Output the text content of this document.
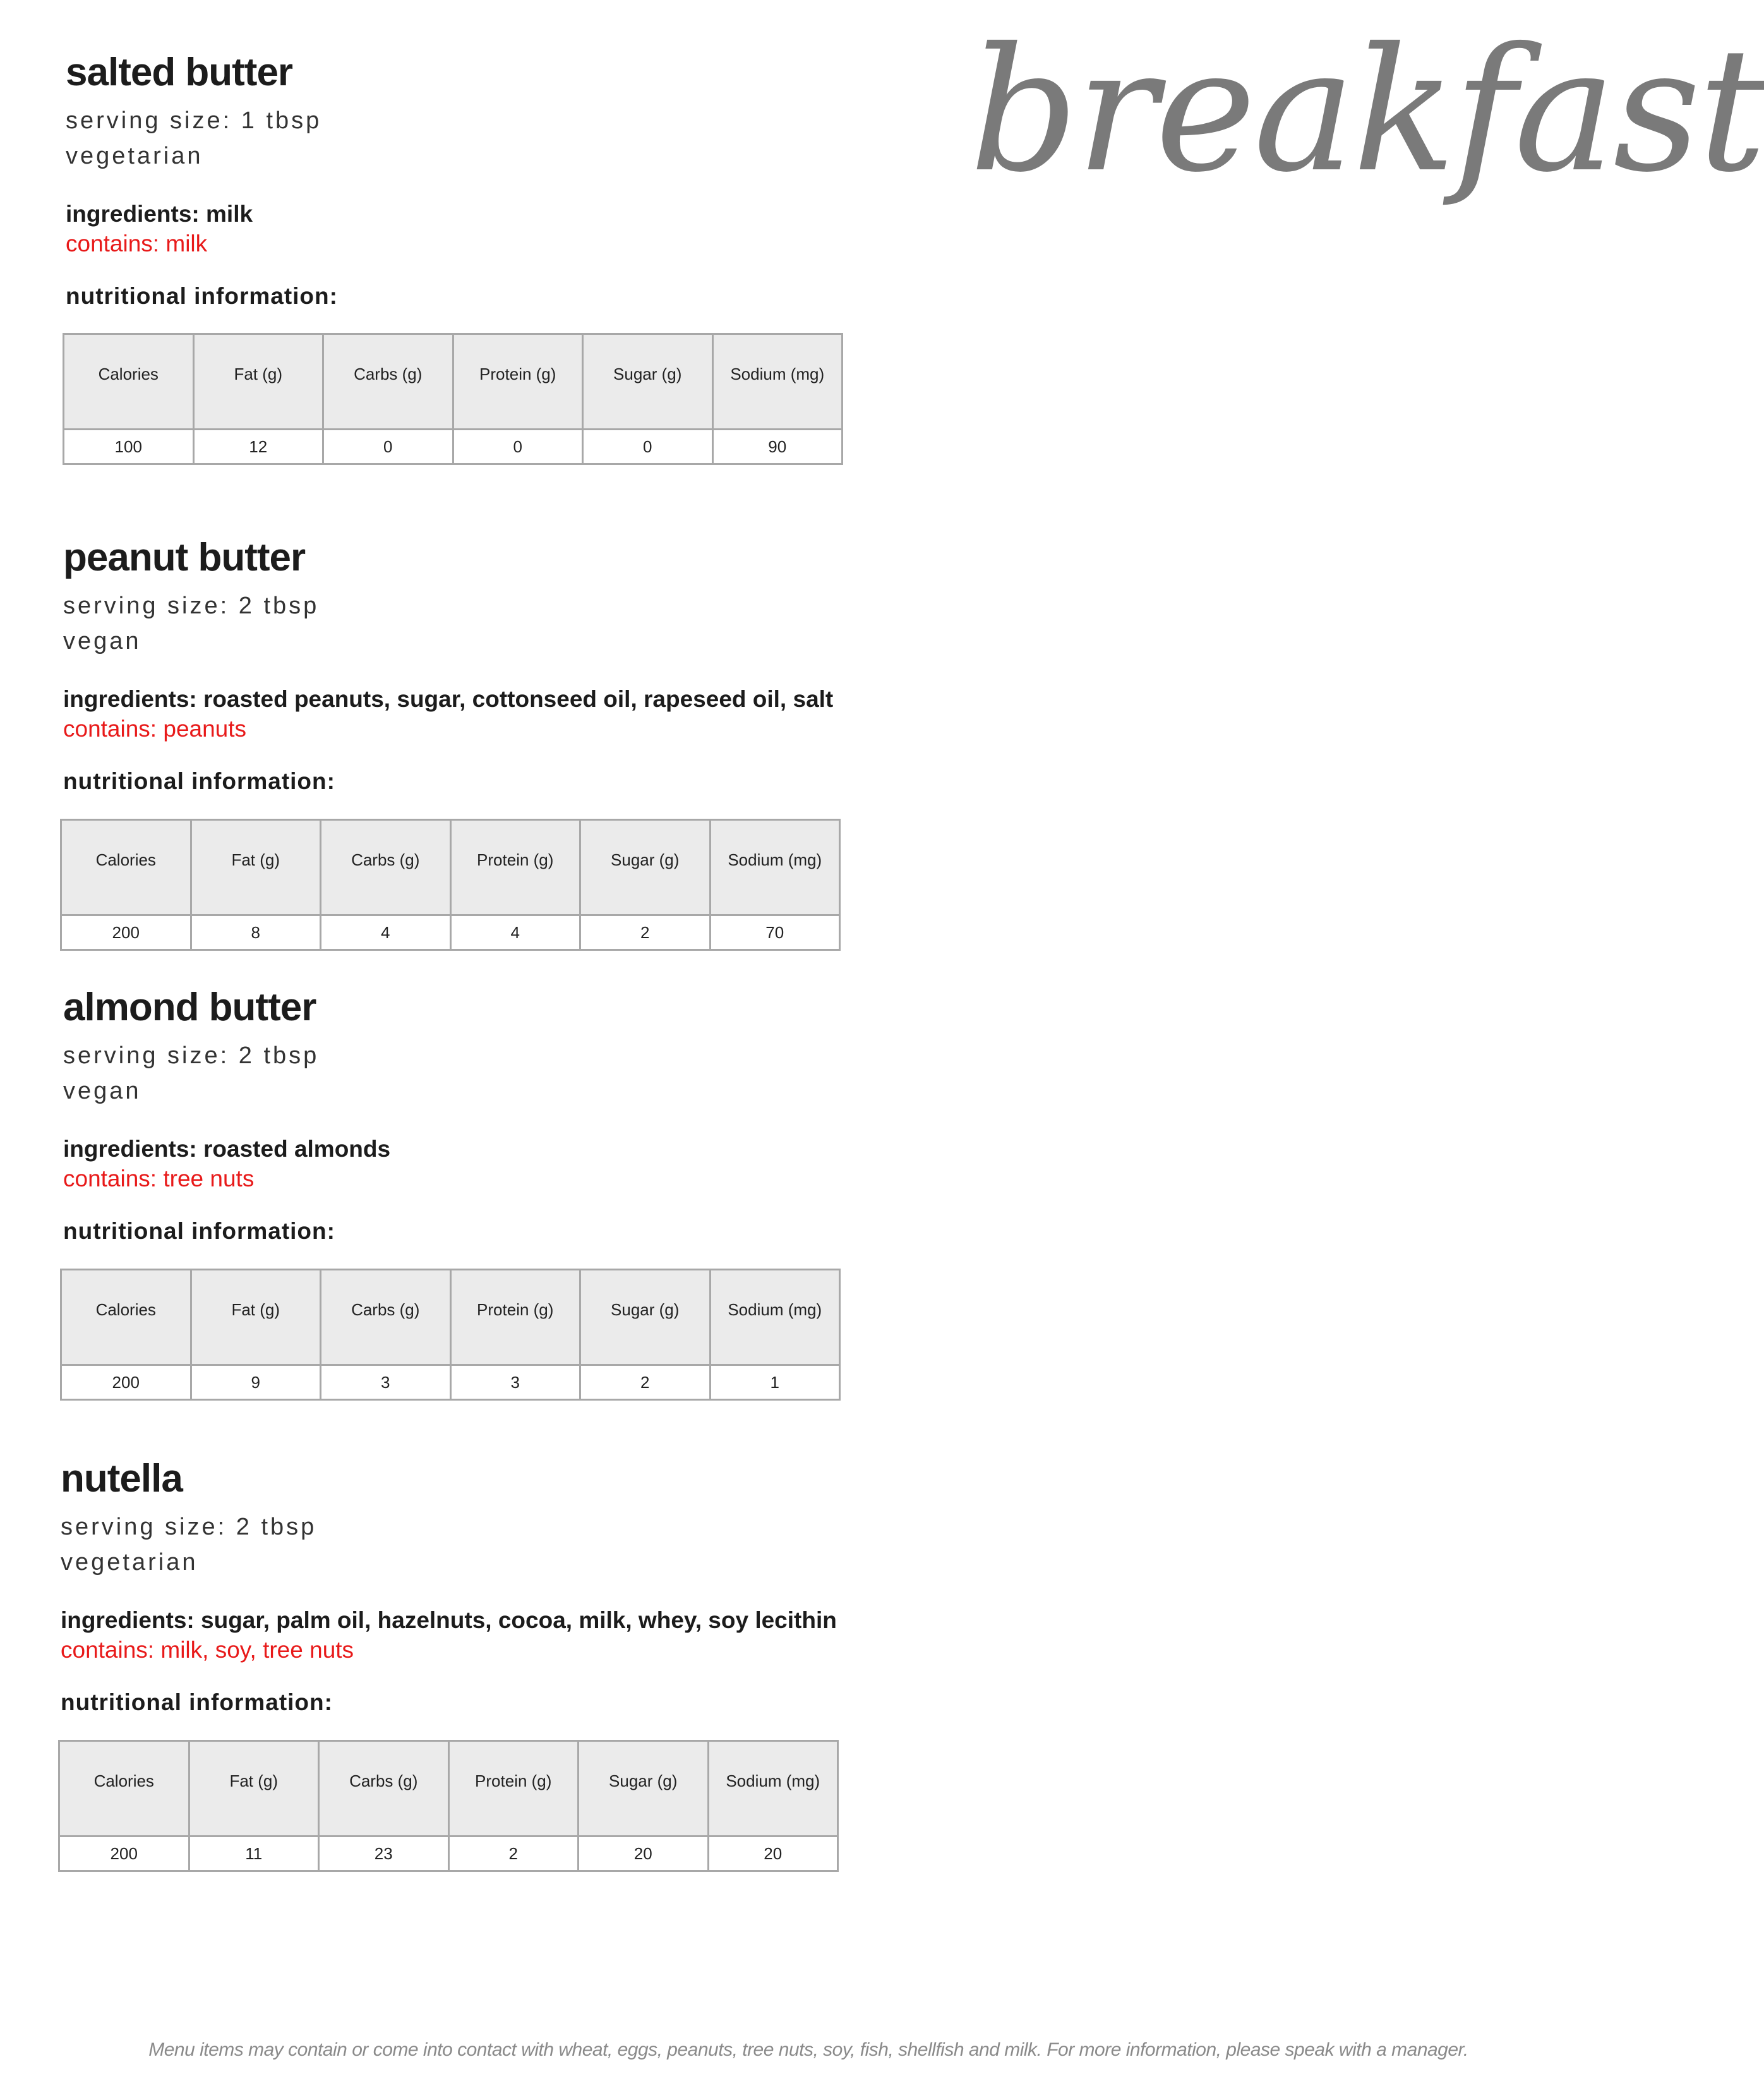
breakfast
salted butter
serving size: 1 tbsp
vegetarian
ingredients: milk
contains: milk
nutritional information:
Calories	Fat (g)	Carbs (g)	Protein (g)	Sugar (g)	Sodium (mg)
100	12	0	0	0	90
peanut butter
serving size: 2 tbsp
vegan
ingredients: roasted peanuts, sugar, cottonseed oil, rapeseed oil, salt
contains: peanuts
nutritional information:
Calories	Fat (g)	Carbs (g)	Protein (g)	Sugar (g)	Sodium (mg)
200	8	4	4	2	70
almond butter
serving size: 2 tbsp
vegan
ingredients: roasted almonds
contains: tree nuts
nutritional information:
Calories	Fat (g)	Carbs (g)	Protein (g)	Sugar (g)	Sodium (mg)
200	9	3	3	2	1
nutella
serving size: 2 tbsp
vegetarian
ingredients: sugar, palm oil, hazelnuts, cocoa, milk, whey, soy lecithin
contains: milk, soy, tree nuts
nutritional information:
Calories	Fat (g)	Carbs (g)	Protein (g)	Sugar (g)	Sodium (mg)
200	11	23	2	20	20
Menu items may contain or come into contact with wheat, eggs, peanuts, tree nuts, soy, fish, shellfish and milk. For more information, please speak with a manager.
